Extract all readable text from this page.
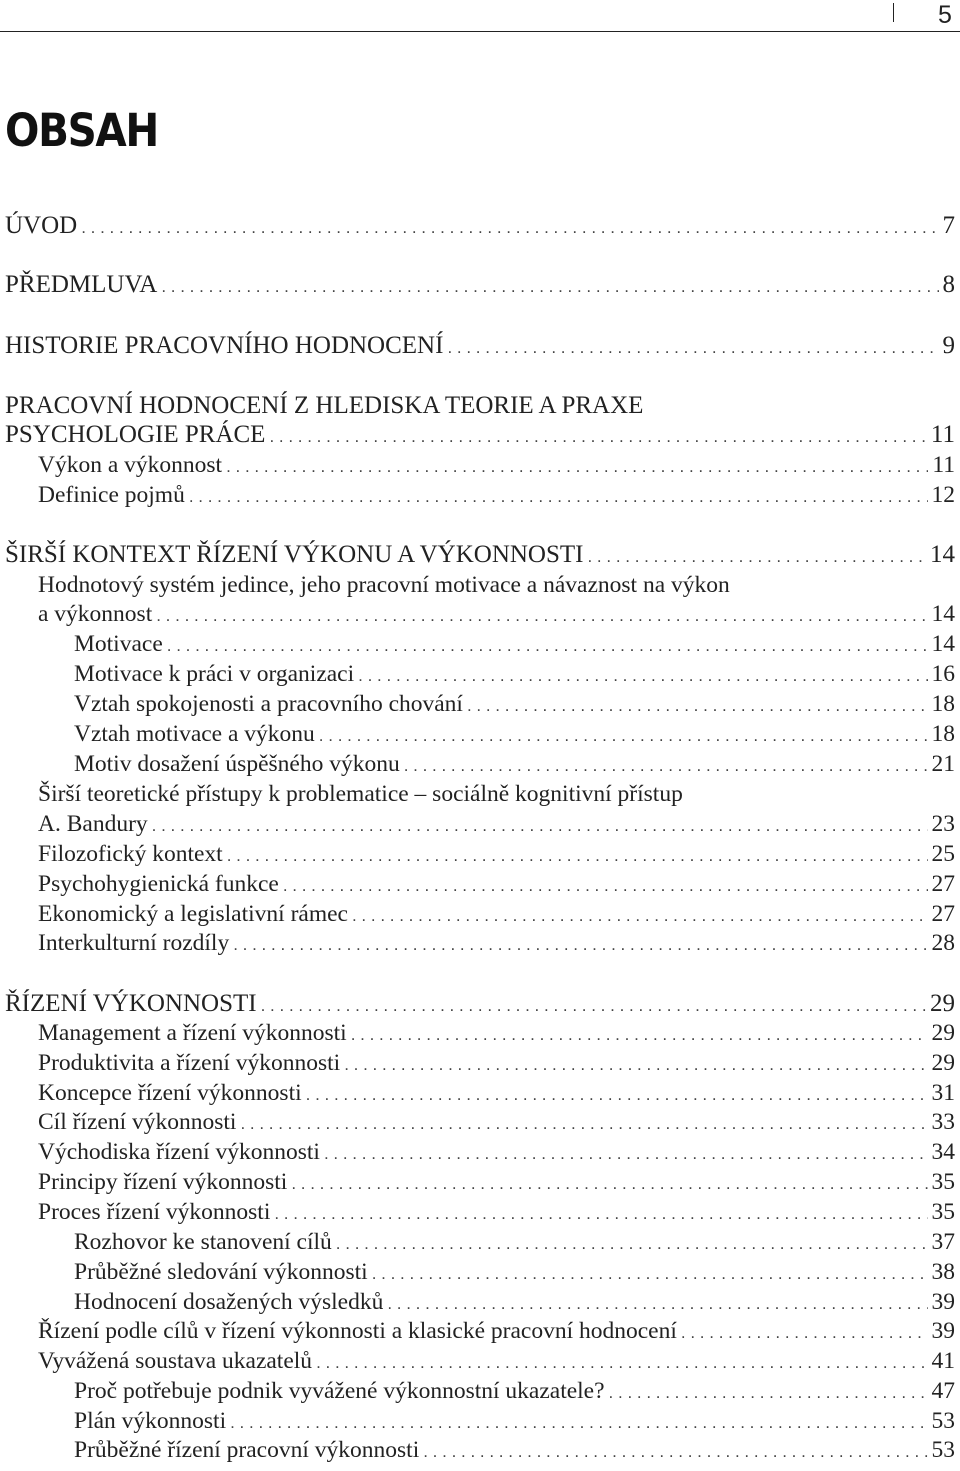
5
OBSAH
ÚVOD . . .	7
PŘEDMLUVA . . .	8
HISTORIE PRACOVNÍHO HODNOCENÍ . . .	9
PRACOVNÍ HODNOCENÍ Z HLEDISKA TEORIE A PRAXE
PSYCHOLOGIE PRÁCE . . .	11
Výkon a výkonnost . . .	11
Definice pojmů . . .	12
ŠIRŠÍ KONTEXT ŘÍZENÍ VÝKONU A VÝKONNOSTI . . .	14
Hodnotový systém jedince, jeho pracovní motivace a návaznost na výkon
a výkonnost . . .	14
Motivace . . .	14
Motivace k práci v organizaci . . .	16
Vztah spokojenosti a pracovního chování . . .	18
Vztah motivace a výkonu . . .	18
Motiv dosažení úspěšného výkonu . . .	21
Širší teoretické přístupy k problematice – sociálně kognitivní přístup
A. Bandury . . .	23
Filozofický kontext . . .	25
Psychohygienická funkce . . .	27
Ekonomický a legislativní rámec . . .	27
Interkulturní rozdíly . . .	28
ŘÍZENÍ VÝKONNOSTI . . .	29
Management a řízení výkonnosti . . .	29
Produktivita a řízení výkonnosti . . .	29
Koncepce řízení výkonnosti . . .	31
Cíl řízení výkonnosti . . .	33
Východiska řízení výkonnosti . . .	34
Principy řízení výkonnosti . . .	35
Proces řízení výkonnosti . . .	35
Rozhovor ke stanovení cílů . . .	37
Průběžné sledování výkonnosti . . .	38
Hodnocení dosažených výsledků . . .	39
Řízení podle cílů v řízení výkonnosti a klasické pracovní hodnocení . . .	39
Vyvážená soustava ukazatelů . . .	41
Proč potřebuje podnik vyvážené výkonnostní ukazatele? . . .	47
Plán výkonnosti . . .	53
Průběžné řízení pracovní výkonnosti . . .	53
